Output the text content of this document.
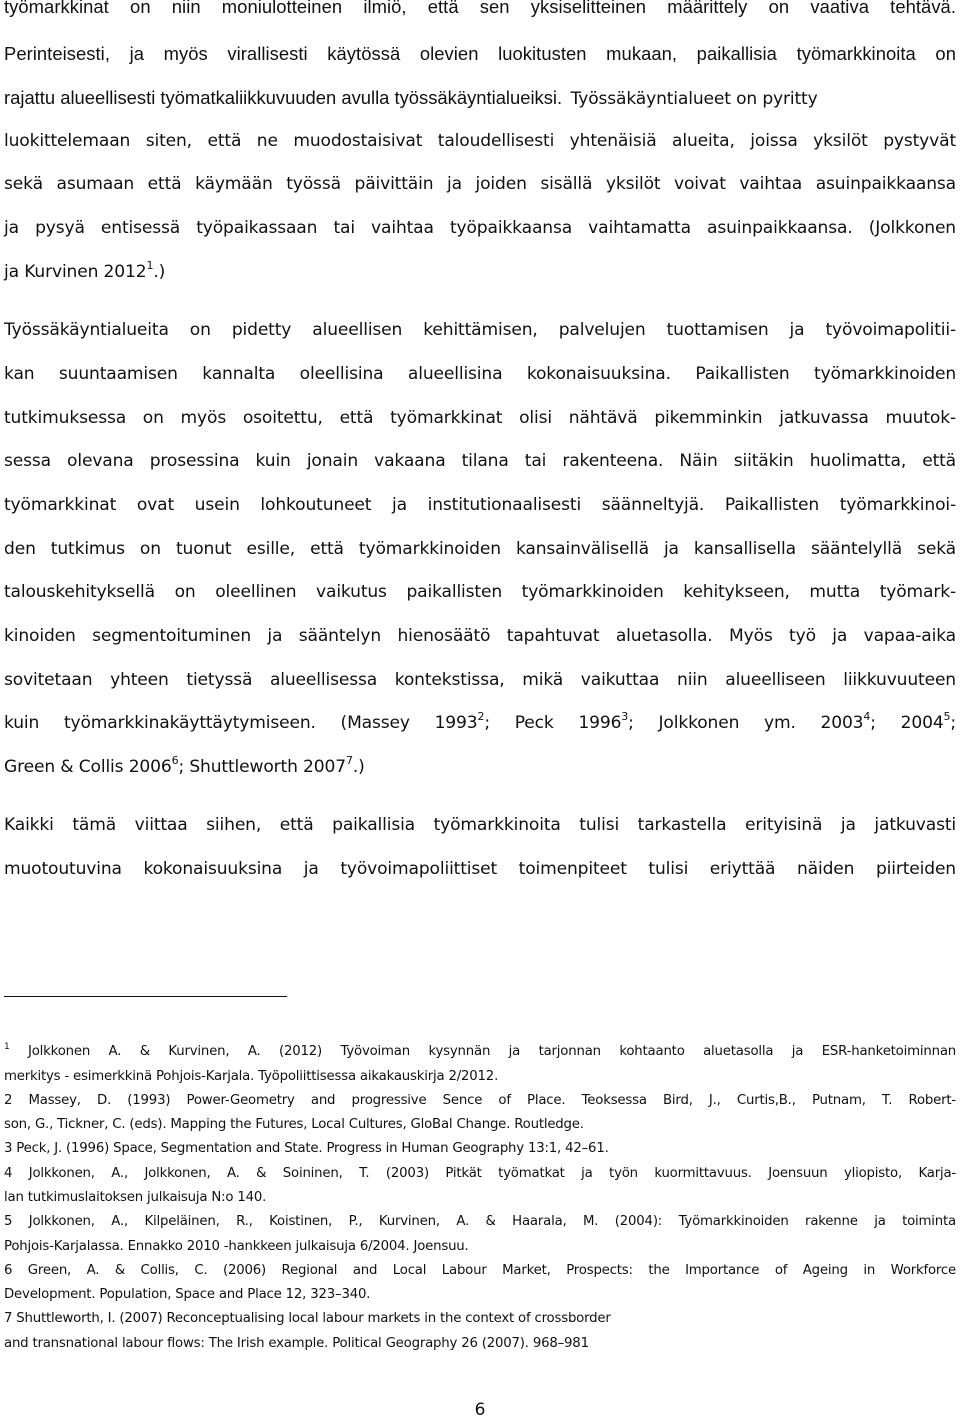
työmarkkinat on niin moniulotteinen ilmiö, että sen yksiselitteinen määrittely on vaativa tehtävä.
Perinteisesti, ja myös virallisesti käytössä olevien luokitusten mukaan, paikallisia työmarkkinoita on
rajattu alueellisesti työmatkaliikkuvuuden avulla työssäkäyntialueiksi. Työssäkäyntialueet on pyritty
luokittelemaan siten, että ne muodostaisivat taloudellisesti yhtenäisiä alueita, joissa yksilöt pystyvät
sekä asumaan että käymään työssä päivittäin ja joiden sisällä yksilöt voivat vaihtaa asuinpaikkaansa
ja pysyä entisessä työpaikassaan tai vaihtaa työpaikkaansa vaihtamatta asuinpaikkaansa. (Jolkkonen
ja Kurvinen 2012$^1$.)
Työssäkäyntialueita on pidetty alueellisen kehittämisen, palvelujen tuottamisen ja työvoimapolitii-
kan suuntaamisen kannalta oleellisina alueellisina kokonaisuuksina. Paikallisten työmarkkinoiden
tutkimuksessa on myös osoitettu, että työmarkkinat olisi nähtävä pikemminkin jatkuvassa muutok-
sessa olevana prosessina kuin jonain vakaana tilana tai rakenteena. Näin siitäkin huolimatta, että
työmarkkinat ovat usein lohkoutuneet ja institutionaalisesti säänneltyjä. Paikallisten työmarkkinoi-
den tutkimus on tuonut esille, että työmarkkinoiden kansainvälisellä ja kansallisella sääntelyllä sekä
talouskehityksellä on oleellinen vaikutus paikallisten työmarkkinoiden kehitykseen, mutta työmark-
kinoiden segmentoituminen ja sääntelyn hienosäätö tapahtuvat aluetasolla. Myös työ ja vapaa-aika
sovitetaan yhteen tietyssä alueellisessa kontekstissa, mikä vaikuttaa niin alueelliseen liikkuvuuteen
kuin työmarkkinakäyttäytymiseen. (Massey 1993$^2$; Peck 1996$^3$; Jolkkonen ym. 2003$^4$; 2004$^5$;
Green & Collis 2006$^6$; Shuttleworth 2007$^7$.)
Kaikki tämä viittaa siihen, että paikallisia työmarkkinoita tulisi tarkastella erityisinä ja jatkuvasti
muotoutuvina kokonaisuuksina ja työvoimapoliittiset toimenpiteet tulisi eriyttää näiden piirteiden
$^1$ Jolkkonen A. & Kurvinen, A. (2012) Työvoiman kysynnän ja tarjonnan kohtaanto aluetasolla ja ESR-hanketoiminnan
merkitys - esimerkkinä Pohjois-Karjala. Työpoliittisessa aikakauskirja 2/2012.
2 Massey, D. (1993) Power-Geometry and progressive Sence of Place. Teoksessa Bird, J., Curtis,B., Putnam, T. Robert-
son, G., Tickner, C. (eds). Mapping the Futures, Local Cultures, GloBal Change. Routledge.
3 Peck, J. (1996) Space, Segmentation and State. Progress in Human Geography 13:1, 42–61.
4 Jolkkonen, A., Jolkkonen, A. & Soininen, T. (2003) Pitkät työmatkat ja työn kuormittavuus. Joensuun yliopisto, Karja-
lan tutkimuslaitoksen julkaisuja N:o 140.
5 Jolkkonen, A., Kilpeläinen, R., Koistinen, P., Kurvinen, A. & Haarala, M. (2004): Työmarkkinoiden rakenne ja toiminta
Pohjois-Karjalassa. Ennakko 2010 -hankkeen julkaisuja 6/2004. Joensuu.
6 Green, A. & Collis, C. (2006) Regional and Local Labour Market, Prospects: the Importance of Ageing in Workforce
Development. Population, Space and Place 12, 323–340.
7 Shuttleworth, I. (2007) Reconceptualising local labour markets in the context of crossborder
and transnational labour flows: The Irish example. Political Geography 26 (2007). 968–981
6
